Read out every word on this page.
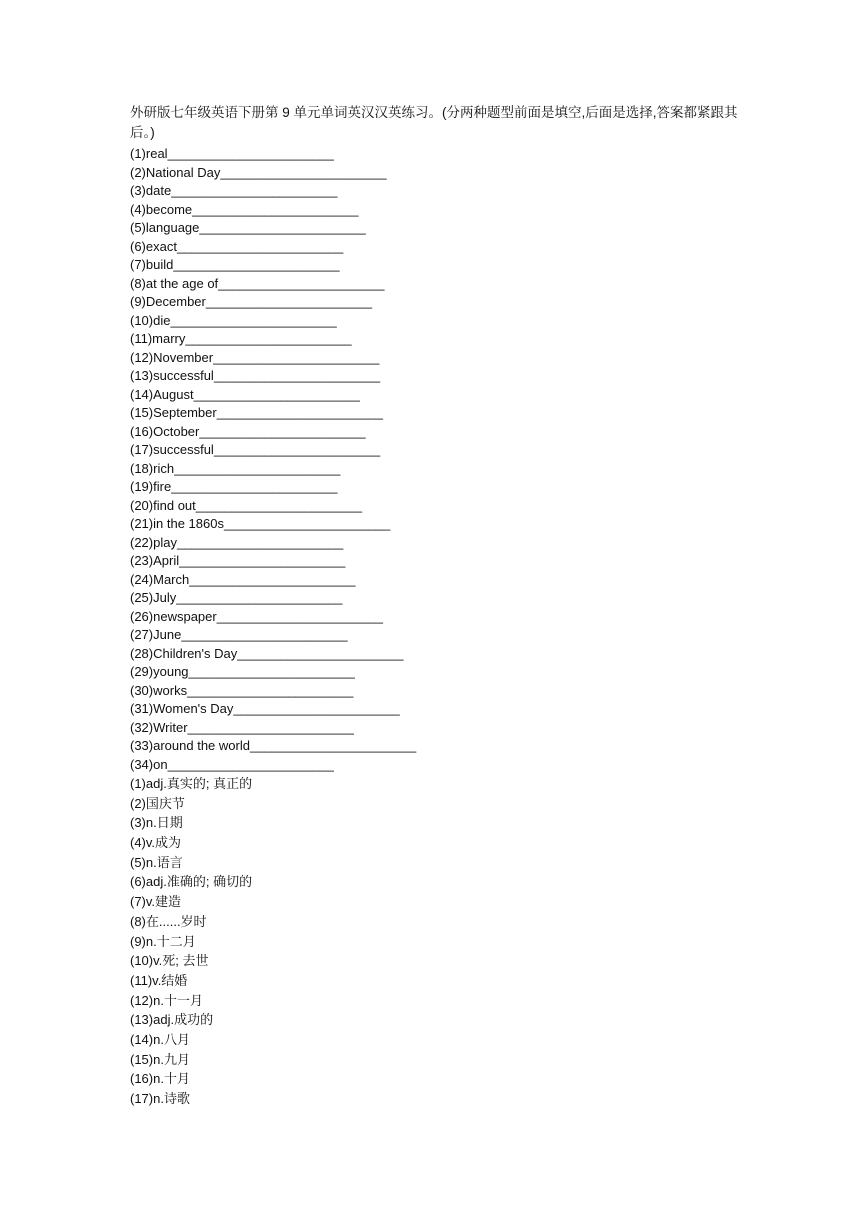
外研版七年级英语下册第 9 单元单词英汉汉英练习。(分两种题型前面是填空,后面是选择,答案都紧跟其后。)
(1)real_______________________
(2)National Day_______________________
(3)date_______________________
(4)become_______________________
(5)language_______________________
(6)exact_______________________
(7)build_______________________
(8)at the age of_______________________
(9)December_______________________
(10)die_______________________
(11)marry_______________________
(12)November_______________________
(13)successful_______________________
(14)August_______________________
(15)September_______________________
(16)October_______________________
(17)successful_______________________
(18)rich_______________________
(19)fire_______________________
(20)find out_______________________
(21)in the 1860s_______________________
(22)play_______________________
(23)April_______________________
(24)March_______________________
(25)July_______________________
(26)newspaper_______________________
(27)June_______________________
(28)Children's Day_______________________
(29)young_______________________
(30)works_______________________
(31)Women's Day_______________________
(32)Writer_______________________
(33)around the world_______________________
(34)on_______________________
(1)adj.真实的; 真正的
(2)国庆节
(3)n.日期
(4)v.成为
(5)n.语言
(6)adj.准确的; 确切的
(7)v.建造
(8)在......岁时
(9)n.十二月
(10)v.死; 去世
(11)v.结婚
(12)n.十一月
(13)adj.成功的
(14)n.八月
(15)n.九月
(16)n.十月
(17)n.诗歌
